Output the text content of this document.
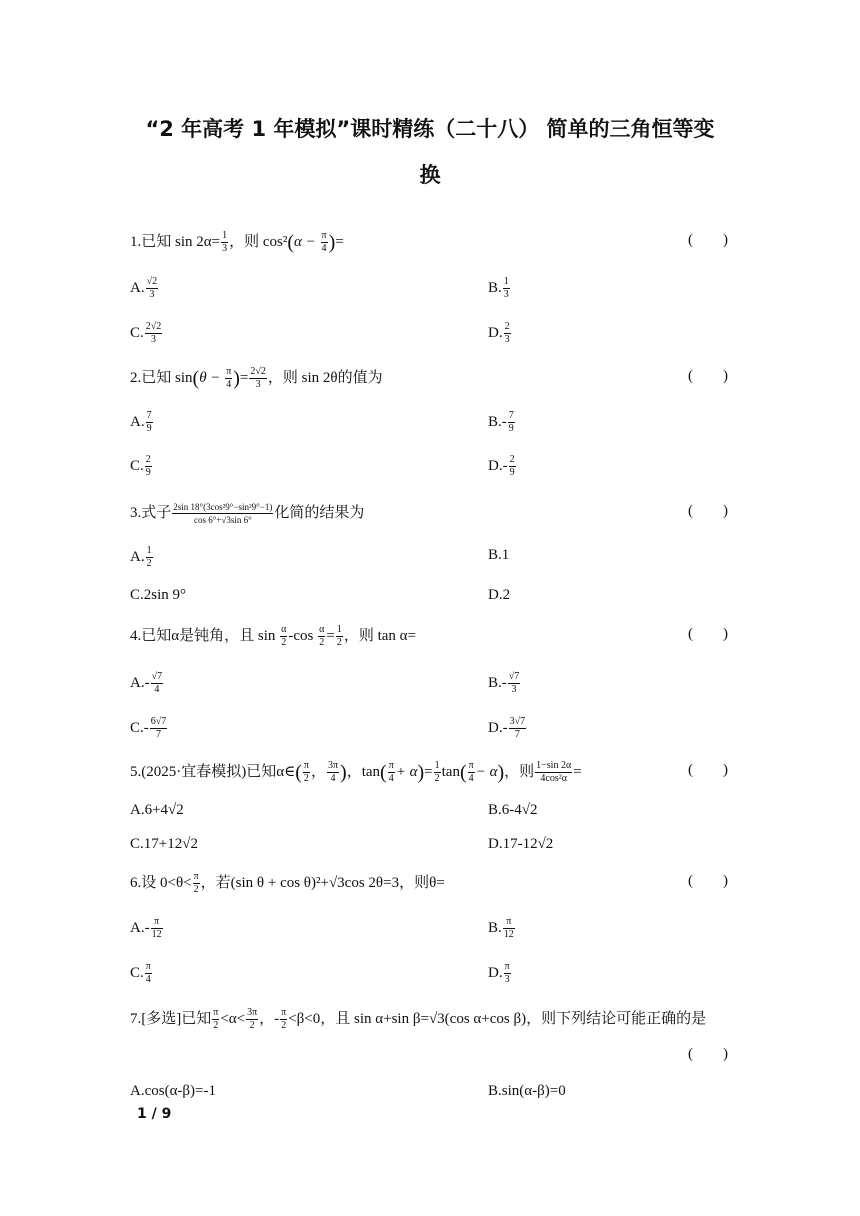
“2 年高考 1 年模拟”课时精练（二十八） 简单的三角恒等变
换
1.已知 $\sin 2\alpha= \frac{1}{3}$ ，则 $\cos^2(\alpha - \frac{\pi}{4}$ )=	(        )
A. $\frac{√2}{3}$	B. $\frac{1}{3}$
C. $\frac{2√2}{3}$	D. $\frac{2}{3}$
2.已知 $\sin(\theta - \frac{\pi}{4}$ )= $\frac{2√2}{3}$ ，则 sin 2θ的值为	(        )
A. $\frac{7}{9}$	$B.- \frac{7}{9}$
C. $\frac{2}{9}$	$D.- \frac{2}{9}$
3.式子 $\frac{\text{2sin 18°(3cos²9°−sin²9°−1)}}{\cos 6^\circ+√3\sin 6^\circ}$ 化简的结果为	(        )
A. $\frac{1}{2}$	B.1
C.2sin 9°	D.2
4.已知α是钝角，且 $\sin \frac{\alpha}{2} -\cos \frac{\alpha}{2} = \frac{1}{2}$ ，则 tan α=	(        )
$A.- \frac{√7}{4}$	$B.- \frac{√7}{3}$
$C.- \frac{6√7}{7}$	$D.- \frac{3√7}{7}$
5.(2025·宜春模拟)已知α∈( $\frac{\pi}{2}$ ， $\frac{3\pi}{4}$ )，$\tan( \frac{\pi}{4} + \alpha)= \frac{1}{2} \tan( \frac{\pi}{4} - \alpha)$，则 $\frac{1-\sin 2\alpha}{\text{4cos²α}}$ =	(        )
A.6+4√2	B.6-4√2
C.17+12√2	D.17-12√2
6.设 $0<\theta< \frac{\pi}{2}$ ，若(sin θ + cos θ)²+√3cos 2θ=3，则θ=	(        )
$A.- \frac{\pi}{12}$	B. $\frac{\pi}{12}$
C. $\frac{\pi}{4}$	D. $\frac{\pi}{3}$
7.[多选]已知 $\frac{\pi}{2} <\alpha< \frac{3\pi}{2}$ ，- $\frac{\pi}{2} <\beta<0$，且 sin α+sin β=√3(cos α+cos β)，则下列结论可能正确的是
(        )
A.cos(α-β)=-1	B.sin(α-β)=0
1 / 9
